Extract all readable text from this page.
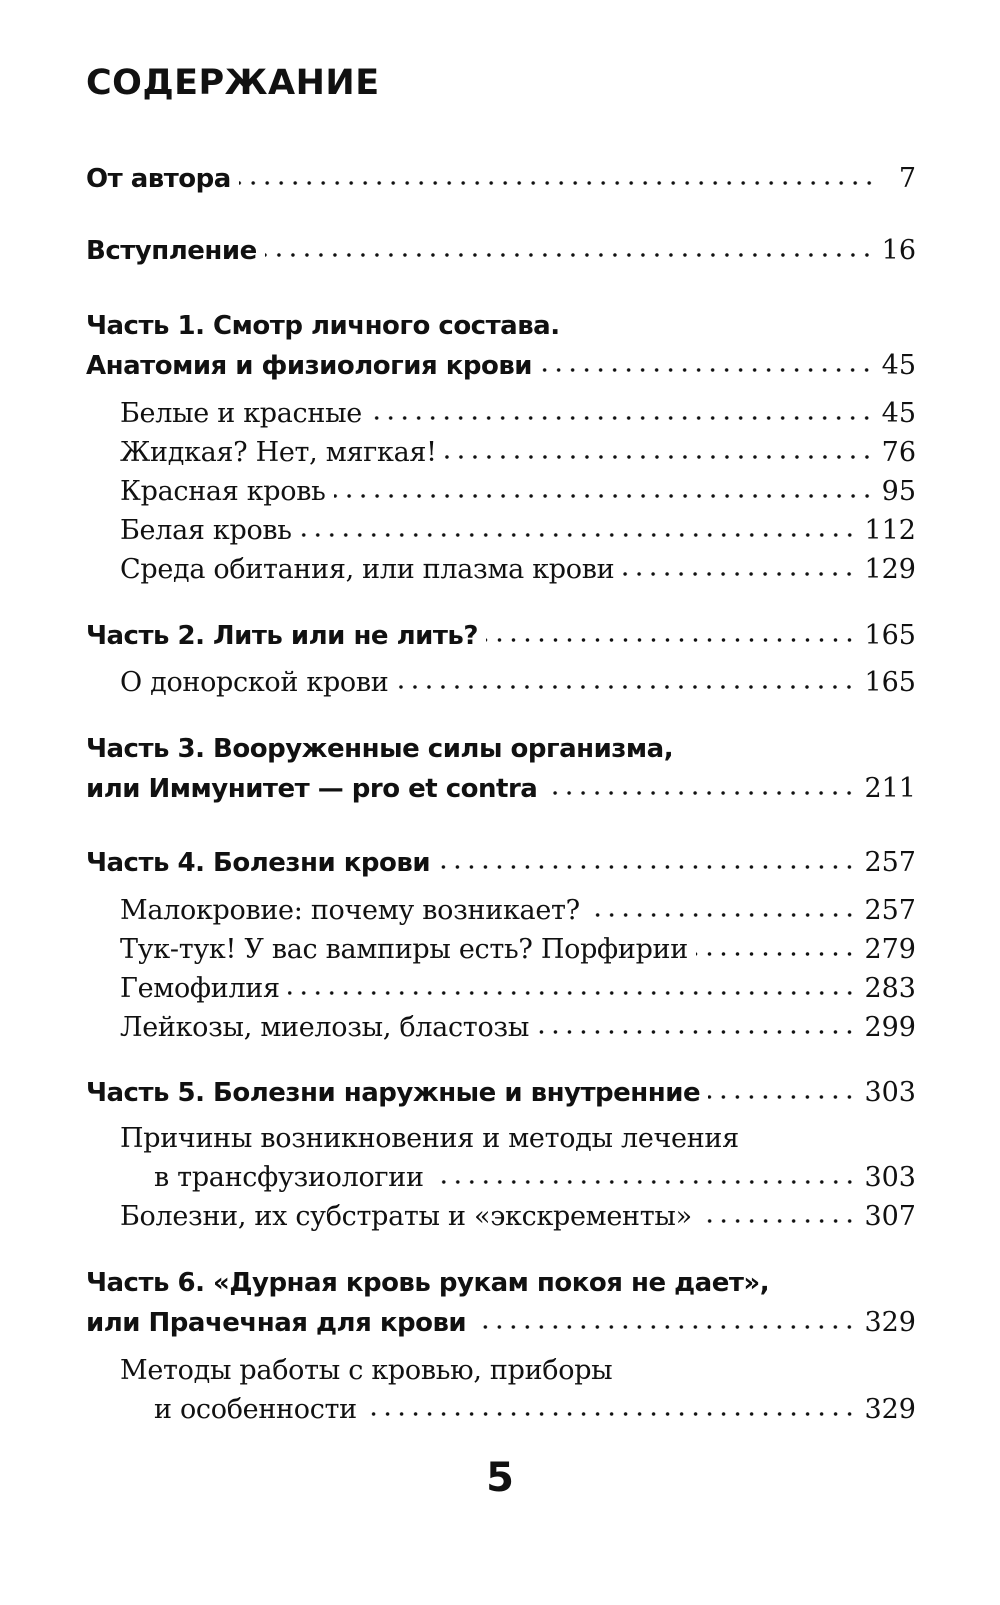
СОДЕРЖАНИЕ
От автора	7
Вступление	16
Часть 1. Смотр личного состава.
Анатомия и физиология крови	45
Белые и красные	45
Жидкая? Нет, мягкая!	76
Красная кровь	95
Белая кровь	112
Среда обитания, или плазма крови	129
Часть 2. Лить или не лить?	165
О донорской крови	165
Часть 3. Вооруженные силы организма,
или Иммунитет — pro et contra	211
Часть 4. Болезни крови	257
Малокровие: почему возникает?	257
Тук-тук! У вас вампиры есть? Порфирии	279
Гемофилия	283
Лейкозы, миелозы, бластозы	299
Часть 5. Болезни наружные и внутренние	303
Причины возникновения и методы лечения
в трансфузиологии	303
Болезни, их субстраты и «экскременты»	307
Часть 6. «Дурная кровь рукам покоя не дает»,
или Прачечная для крови	329
Методы работы с кровью, приборы
и особенности	329
5
